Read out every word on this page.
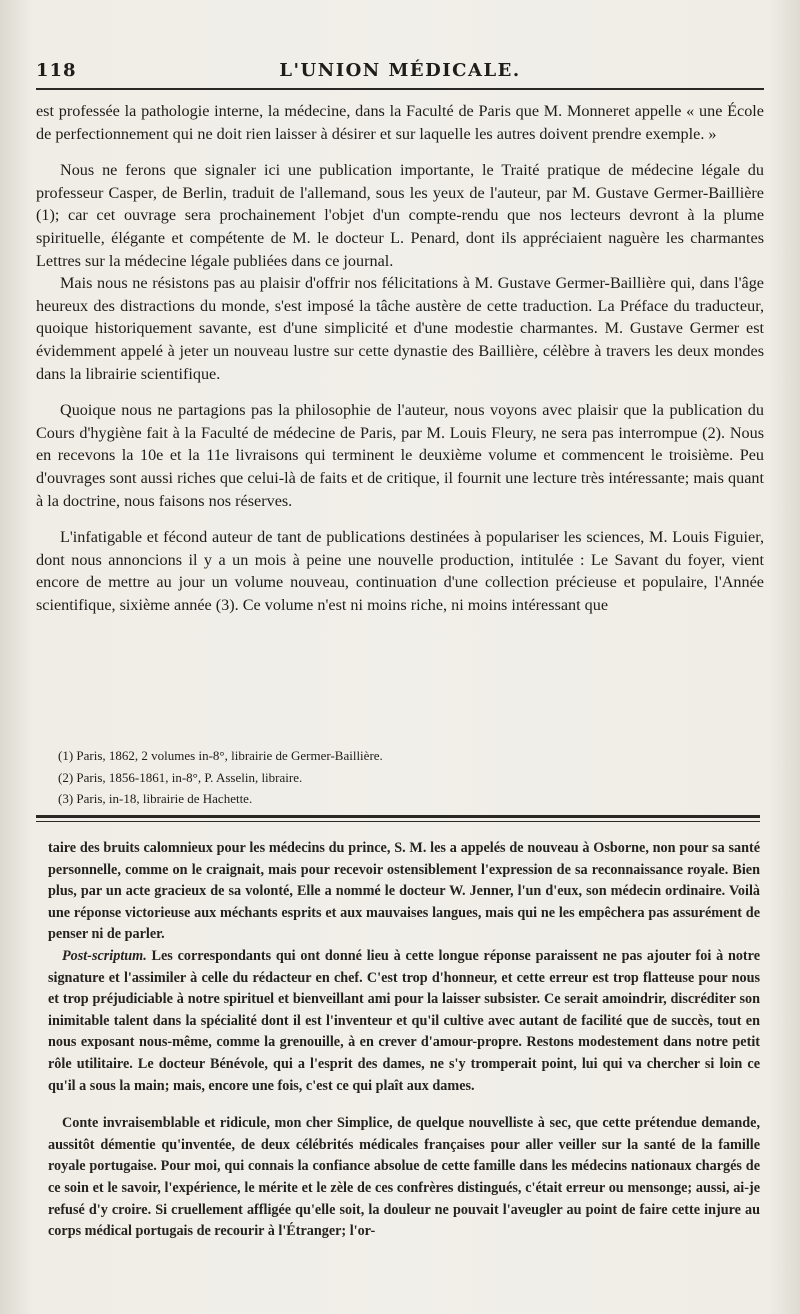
118	L'UNION MÉDICALE.

est professée la pathologie interne, la médecine, dans la Faculté de Paris que M. Monneret appelle « une École de perfectionnement qui ne doit rien laisser à désirer et sur laquelle les autres doivent prendre exemple. »

Nous ne ferons que signaler ici une publication importante, le Traité pratique de médecine légale du professeur Casper, de Berlin, traduit de l'allemand, sous les yeux de l'auteur, par M. Gustave Germer-Baillière (1); car cet ouvrage sera prochainement l'objet d'un compte-rendu que nos lecteurs devront à la plume spirituelle, élégante et compétente de M. le docteur L. Penard, dont ils appréciaient naguère les charmantes Lettres sur la médecine légale publiées dans ce journal.

Mais nous ne résistons pas au plaisir d'offrir nos félicitations à M. Gustave Germer-Baillière qui, dans l'âge heureux des distractions du monde, s'est imposé la tâche austère de cette traduction. La Préface du traducteur, quoique historiquement savante, est d'une simplicité et d'une modestie charmantes. M. Gustave Germer est évidemment appelé à jeter un nouveau lustre sur cette dynastie des Baillière, célèbre à travers les deux mondes dans la librairie scientifique.

Quoique nous ne partagions pas la philosophie de l'auteur, nous voyons avec plaisir que la publication du Cours d'hygiène fait à la Faculté de médecine de Paris, par M. Louis Fleury, ne sera pas interrompue (2). Nous en recevons la 10e et la 11e livraisons qui terminent le deuxième volume et commencent le troisième. Peu d'ouvrages sont aussi riches que celui-là de faits et de critique, il fournit une lecture très intéressante; mais quant à la doctrine, nous faisons nos réserves.

L'infatigable et fécond auteur de tant de publications destinées à populariser les sciences, M. Louis Figuier, dont nous annoncions il y a un mois à peine une nouvelle production, intitulée : Le Savant du foyer, vient encore de mettre au jour un volume nouveau, continuation d'une collection précieuse et populaire, l'Année scientifique, sixième année (3). Ce volume n'est ni moins riche, ni moins intéressant que

(1) Paris, 1862, 2 volumes in-8°, librairie de Germer-Baillière.
(2) Paris, 1856-1861, in-8°, P. Asselin, libraire.
(3) Paris, in-18, librairie de Hachette.

taire des bruits calomnieux pour les médecins du prince, S. M. les a appelés de nouveau à Osborne, non pour sa santé personnelle, comme on le craignait, mais pour recevoir ostensiblement l'expression de sa reconnaissance royale. Bien plus, par un acte gracieux de sa volonté, Elle a nommé le docteur W. Jenner, l'un d'eux, son médecin ordinaire. Voilà une réponse victorieuse aux méchants esprits et aux mauvaises langues, mais qui ne les empêchera pas assurément de penser ni de parler.

Post-scriptum. Les correspondants qui ont donné lieu à cette longue réponse paraissent ne pas ajouter foi à notre signature et l'assimiler à celle du rédacteur en chef. C'est trop d'honneur, et cette erreur est trop flatteuse pour nous et trop préjudiciable à notre spirituel et bienveillant ami pour la laisser subsister. Ce serait amoindrir, discréditer son inimitable talent dans la spécialité dont il est l'inventeur et qu'il cultive avec autant de facilité que de succès, tout en nous exposant nous-même, comme la grenouille, à en crever d'amour-propre. Restons modestement dans notre petit rôle utilitaire. Le docteur Bénévole, qui a l'esprit des dames, ne s'y tromperait point, lui qui va chercher si loin ce qu'il a sous la main; mais, encore une fois, c'est ce qui plaît aux dames.

Conte invraisemblable et ridicule, mon cher Simplice, de quelque nouvelliste à sec, que cette prétendue demande, aussitôt démentie qu'inventée, de deux célébrités médicales françaises pour aller veiller sur la santé de la famille royale portugaise. Pour moi, qui connais la confiance absolue de cette famille dans les médecins nationaux chargés de ce soin et le savoir, l'expérience, le mérite et le zèle de ces confrères distingués, c'était erreur ou mensonge; aussi, ai-je refusé d'y croire. Si cruellement affligée qu'elle soit, la douleur ne pouvait l'aveugler au point de faire cette injure au corps médical portugais de recourir à l'Étranger; l'or-
